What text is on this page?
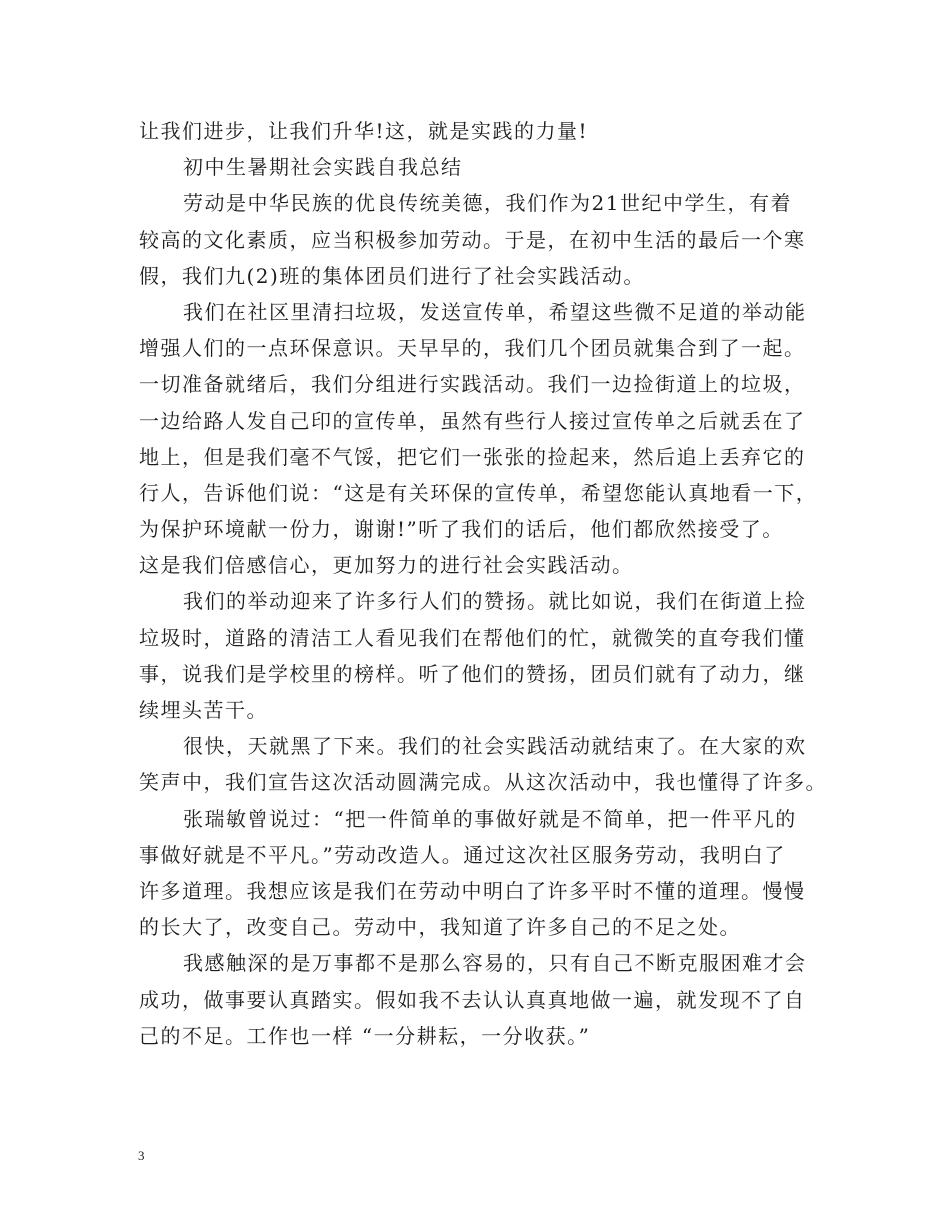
让我们进步，让我们升华!这，就是实践的力量!
初中生暑期社会实践自我总结
劳动是中华民族的优良传统美德，我们作为21世纪中学生，有着
较高的文化素质，应当积极参加劳动。于是，在初中生活的最后一个寒
假，我们九(2)班的集体团员们进行了社会实践活动。
我们在社区里清扫垃圾，发送宣传单，希望这些微不足道的举动能
增强人们的一点环保意识。天早早的，我们几个团员就集合到了一起。
一切准备就绪后，我们分组进行实践活动。我们一边捡街道上的垃圾，
一边给路人发自己印的宣传单，虽然有些行人接过宣传单之后就丢在了
地上，但是我们毫不气馁，把它们一张张的捡起来，然后追上丢弃它的
行人，告诉他们说：“这是有关环保的宣传单，希望您能认真地看一下，
为保护环境献一份力，谢谢!”听了我们的话后，他们都欣然接受了。
这是我们倍感信心，更加努力的进行社会实践活动。
我们的举动迎来了许多行人们的赞扬。就比如说，我们在街道上捡
垃圾时，道路的清洁工人看见我们在帮他们的忙，就微笑的直夸我们懂
事，说我们是学校里的榜样。听了他们的赞扬，团员们就有了动力，继
续埋头苦干。
很快，天就黑了下来。我们的社会实践活动就结束了。在大家的欢
笑声中，我们宣告这次活动圆满完成。从这次活动中，我也懂得了许多。
张瑞敏曾说过：“把一件简单的事做好就是不简单，把一件平凡的
事做好就是不平凡。”劳动改造人。通过这次社区服务劳动，我明白了
许多道理。我想应该是我们在劳动中明白了许多平时不懂的道理。慢慢
的长大了，改变自己。劳动中，我知道了许多自己的不足之处。
我感触深的是万事都不是那么容易的，只有自己不断克服困难才会
成功，做事要认真踏实。假如我不去认认真真地做一遍，就发现不了自
己的不足。工作也一样 “一分耕耘，一分收获。”
3
